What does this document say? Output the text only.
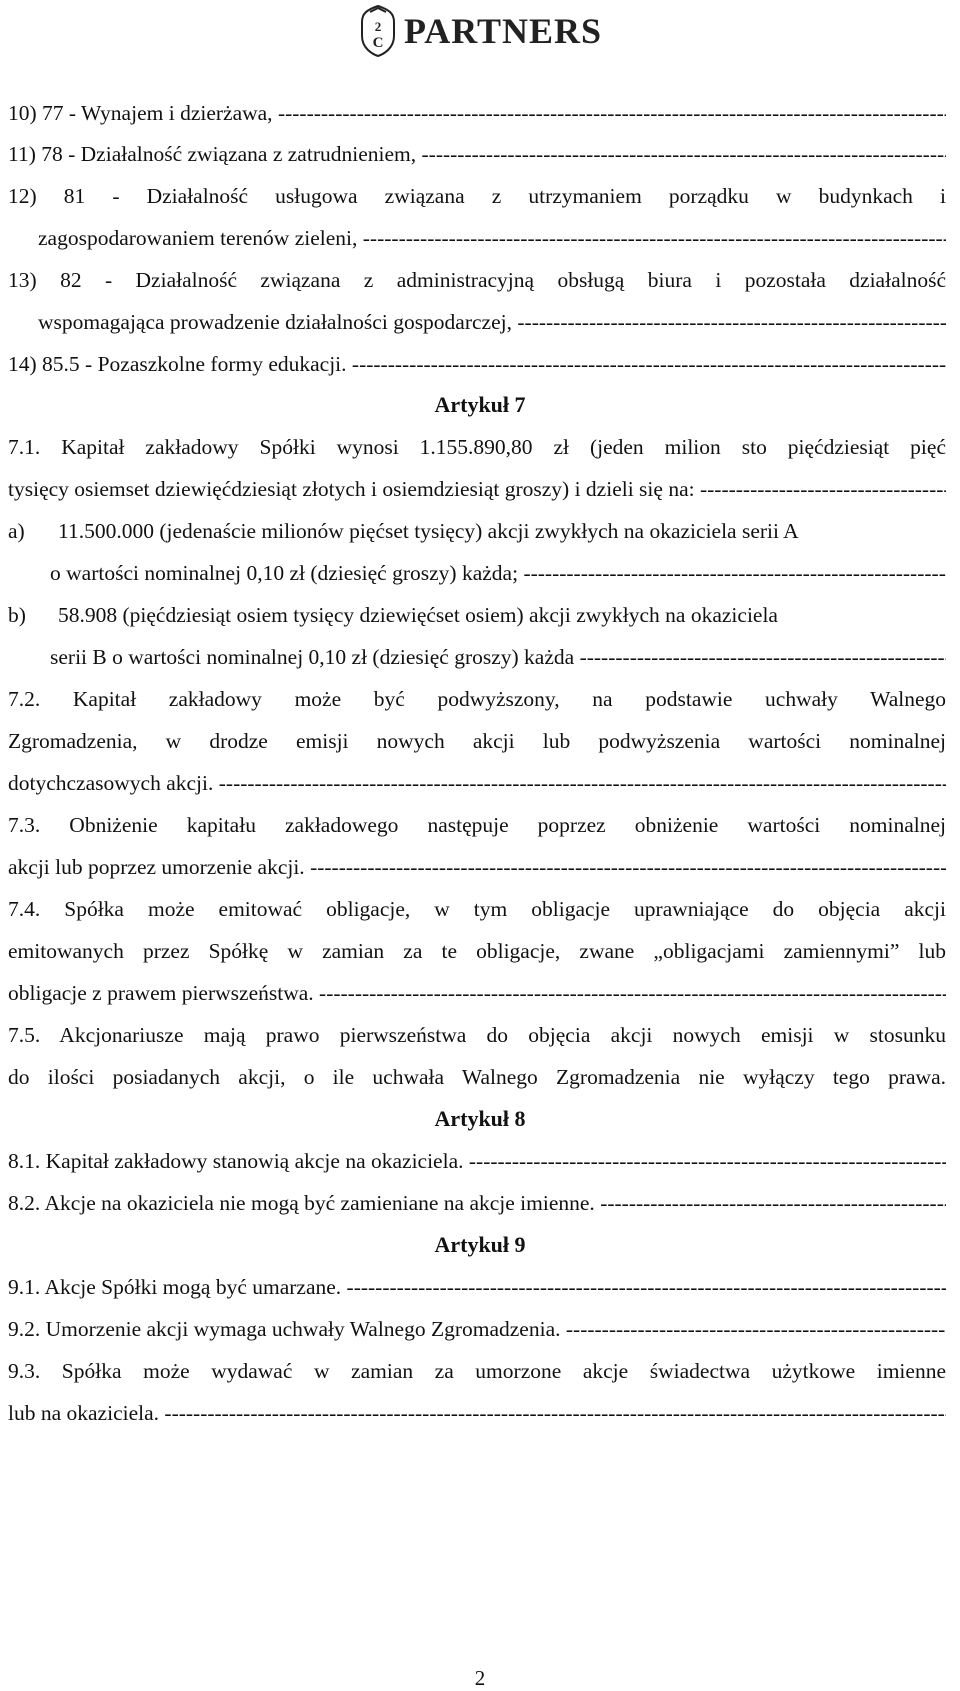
2
C PARTNERS
10) 77 - Wynajem i dzierżawa, -----
11) 78 - Działalność związana z zatrudnieniem, -----
12) 81 - Działalność usługowa związana z utrzymaniem porządku w budynkach i
zagospodarowaniem terenów zieleni, -----
13) 82 - Działalność związana z administracyjną obsługą biura i pozostała działalność
wspomagająca prowadzenie działalności gospodarczej, -----
14) 85.5 - Pozaszkolne formy edukacji. -----
Artykuł 7
7.1. Kapitał zakładowy Spółki wynosi 1.155.890,80 zł (jeden milion sto pięćdziesiąt pięć
tysięcy osiemset dziewięćdziesiąt złotych i osiemdziesiąt groszy) i dzieli się na: -----
a) 11.500.000 (jedenaście milionów pięćset tysięcy) akcji zwykłych na okaziciela serii A
o wartości nominalnej 0,10 zł (dziesięć groszy) każda; -----
b) 58.908 (pięćdziesiąt osiem tysięcy dziewięćset osiem) akcji zwykłych na okaziciela
serii B o wartości nominalnej 0,10 zł (dziesięć groszy) każda -----
7.2. Kapitał zakładowy może być podwyższony, na podstawie uchwały Walnego
Zgromadzenia, w drodze emisji nowych akcji lub podwyższenia wartości nominalnej
dotychczasowych akcji. -----
7.3. Obniżenie kapitału zakładowego następuje poprzez obniżenie wartości nominalnej
akcji lub poprzez umorzenie akcji. -----
7.4. Spółka może emitować obligacje, w tym obligacje uprawniające do objęcia akcji
emitowanych przez Spółkę w zamian za te obligacje, zwane „obligacjami zamiennymi” lub
obligacje z prawem pierwszeństwa. -----
7.5. Akcjonariusze mają prawo pierwszeństwa do objęcia akcji nowych emisji w stosunku
do ilości posiadanych akcji, o ile uchwała Walnego Zgromadzenia nie wyłączy tego prawa.
Artykuł 8
8.1. Kapitał zakładowy stanowią akcje na okaziciela. -----
8.2. Akcje na okaziciela nie mogą być zamieniane na akcje imienne. -----
Artykuł 9
9.1. Akcje Spółki mogą być umarzane. -----
9.2. Umorzenie akcji wymaga uchwały Walnego Zgromadzenia. -----
9.3. Spółka może wydawać w zamian za umorzone akcje świadectwa użytkowe imienne
lub na okaziciela. -----
2
